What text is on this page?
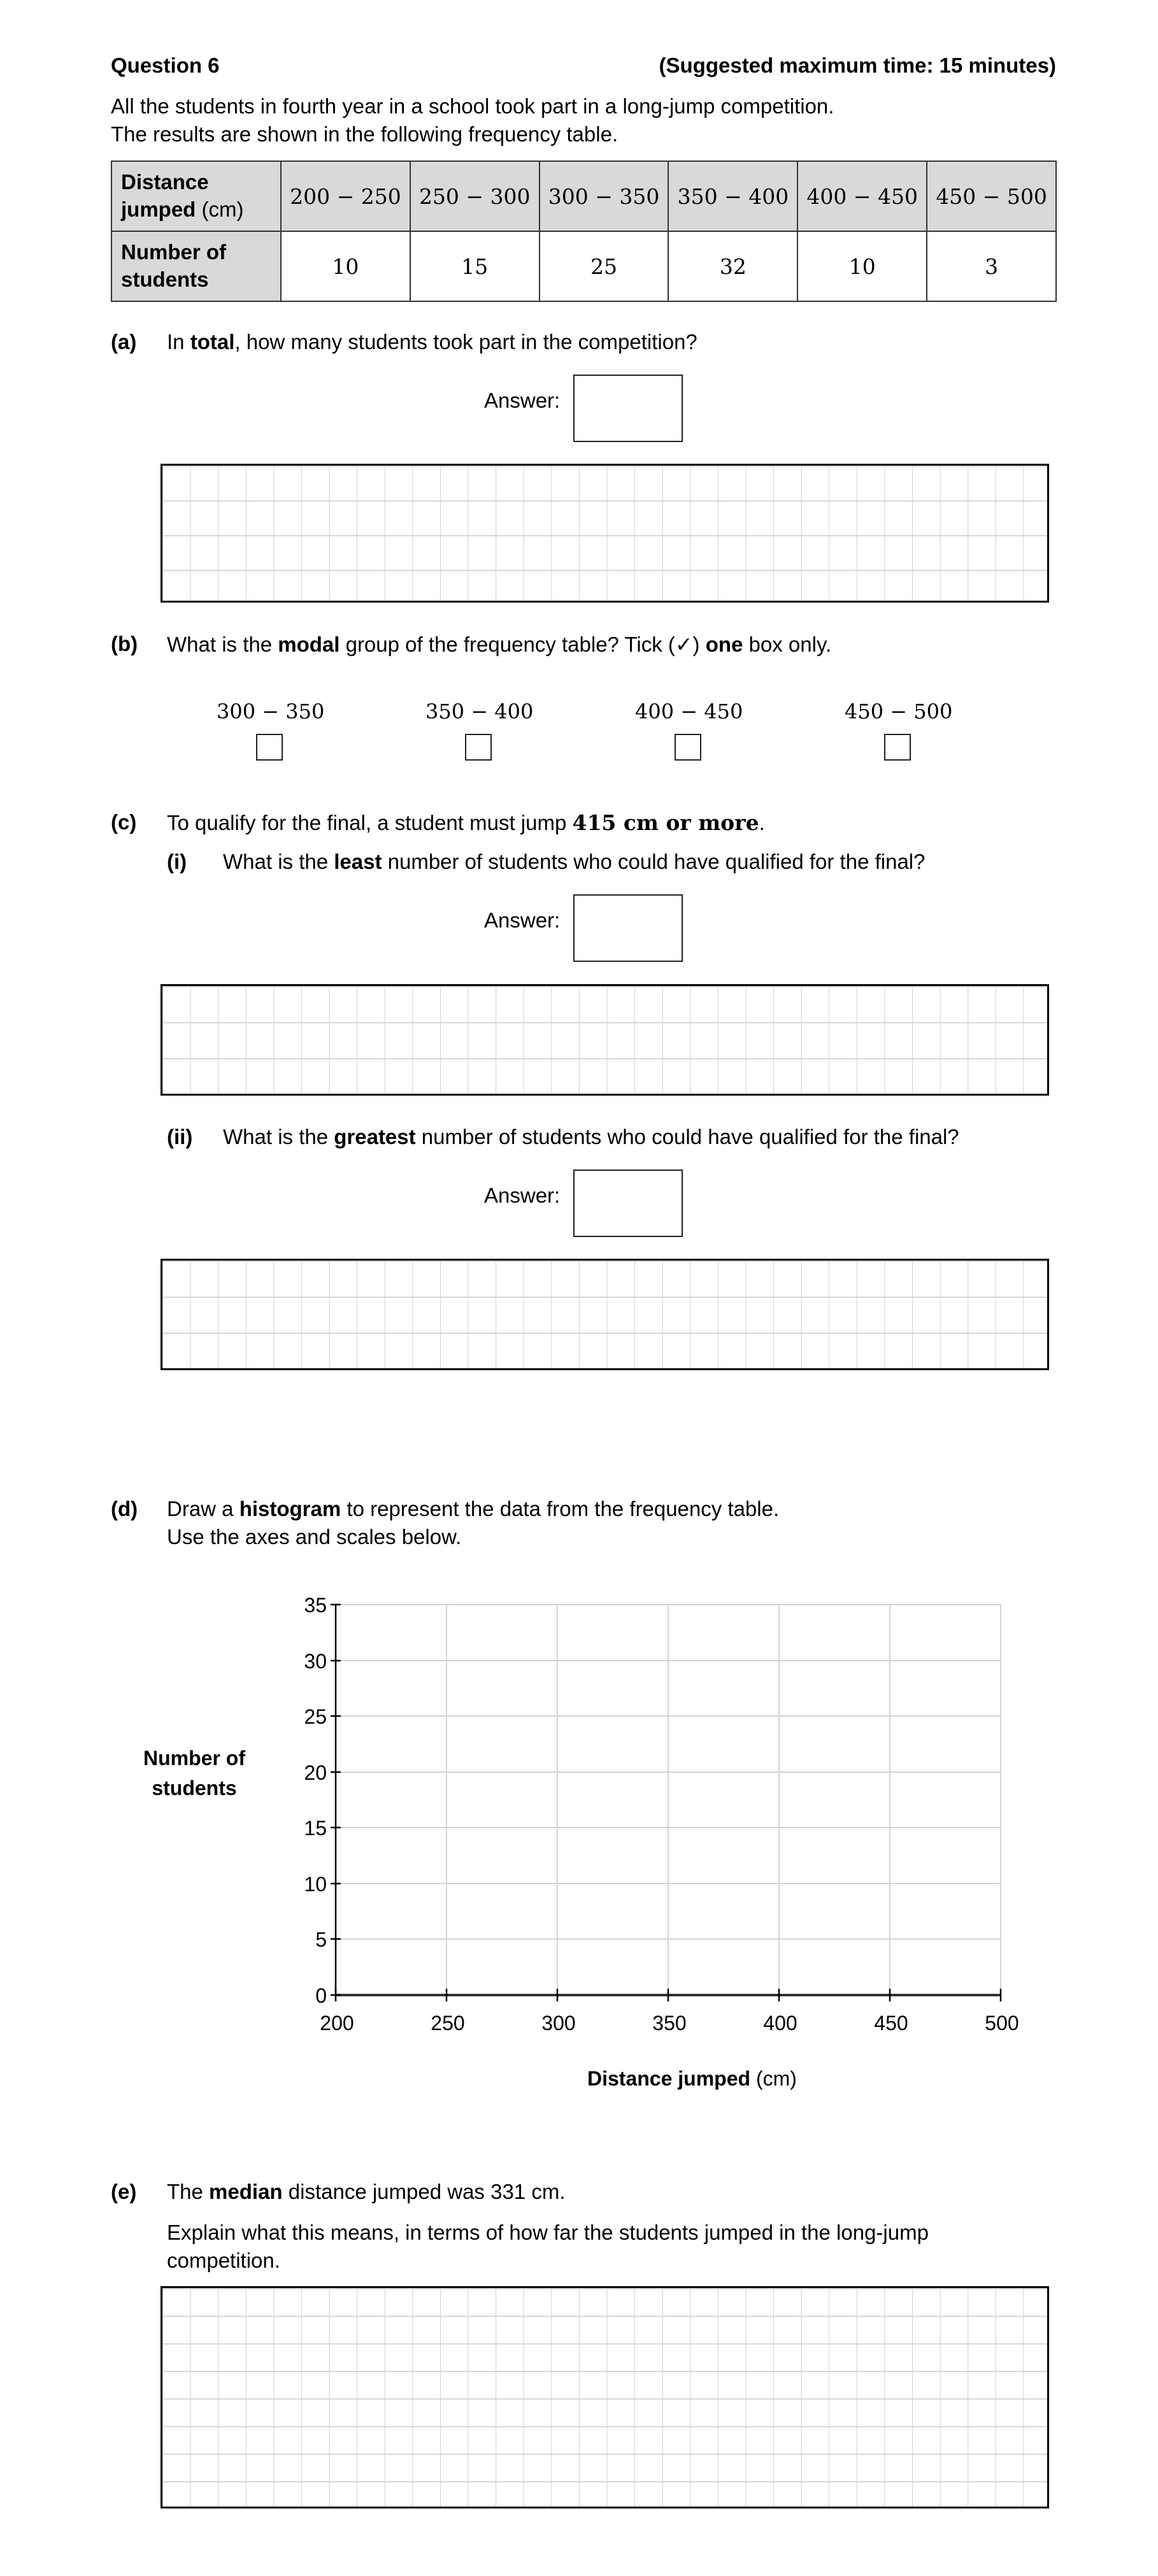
Question 6	(Suggested maximum time: 15 minutes)
All the students in fourth year in a school took part in a long-jump competition.
The results are shown in the following frequency table.
Distance
jumped (cm)	200 − 250	250 − 300	300 − 350	350 − 400	400 − 450	450 − 500
Number of
students	10	15	25	32	10	3
(a) In total, how many students took part in the competition?
Answer:
(b) What is the modal group of the frequency table? Tick (✓) one box only.
300 − 350	350 − 400	400 − 450	450 − 500
(c) To qualify for the final, a student must jump 415 cm or more.
(i) What is the least number of students who could have qualified for the final?
Answer:
(ii) What is the greatest number of students who could have qualified for the final?
Answer:
(d) Draw a histogram to represent the data from the frequency table.
Use the axes and scales below.
Number of
students
35
30
25
20
15
10
5
0
200	250	300	350	400	450	500
Distance jumped (cm)
(e) The median distance jumped was 331 cm.
Explain what this means, in terms of how far the students jumped in the long-jump
competition.
